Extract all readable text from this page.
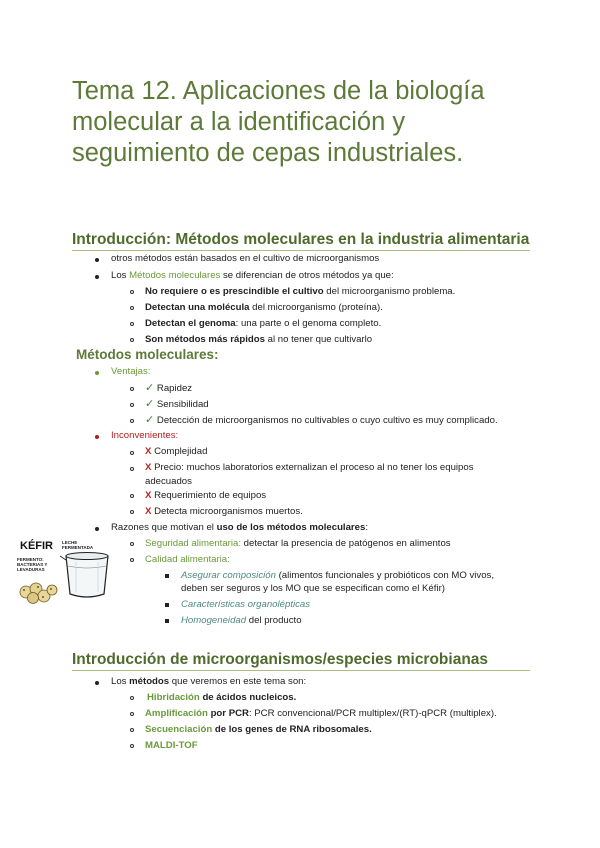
Tema 12. Aplicaciones de la biología molecular a la identificación y seguimiento de cepas industriales.
Introducción: Métodos moleculares en la industria alimentaria
otros métodos están basados en el cultivo de microorganismos
Los Métodos moleculares se diferencian de otros métodos ya que:
No requiere o es prescindible el cultivo del microorganismo problema.
Detectan una molécula del microorganismo (proteína).
Detectan el genoma: una parte o el genoma completo.
Son métodos más rápidos al no tener que cultivarlo
Métodos moleculares:
Ventajas:
✓ Rapidez
✓ Sensibilidad
✓ Detección de microorganismos no cultivables o cuyo cultivo es muy complicado.
Inconvenientes:
X Complejidad
X Precio: muchos laboratorios externalizan el proceso al no tener los equipos
adecuados
X Requerimiento de equipos
X Detecta microorganismos muertos.
Razones que motivan el uso de los métodos moleculares:
Seguridad alimentaria: detectar la presencia de patógenos en alimentos
Calidad alimentaria:
Asegurar composición (alimentos funcionales y probióticos con MO vivos,
deben ser seguros y los MO que se especifican como el Kéfir)
Características organolépticas
Homogeneidad del producto
KÉFIR LECHE FERMENTADA
FERMENTO: BACTERIAS Y LEVADURAS
Introducción de microorganismos/especies microbianas
Los métodos que veremos en este tema son:
Hibridación de ácidos nucleicos.
Amplificación por PCR: PCR convencional/PCR multiplex/(RT)-qPCR (multiplex).
Secuenciación de los genes de RNA ribosomales.
MALDI-TOF
